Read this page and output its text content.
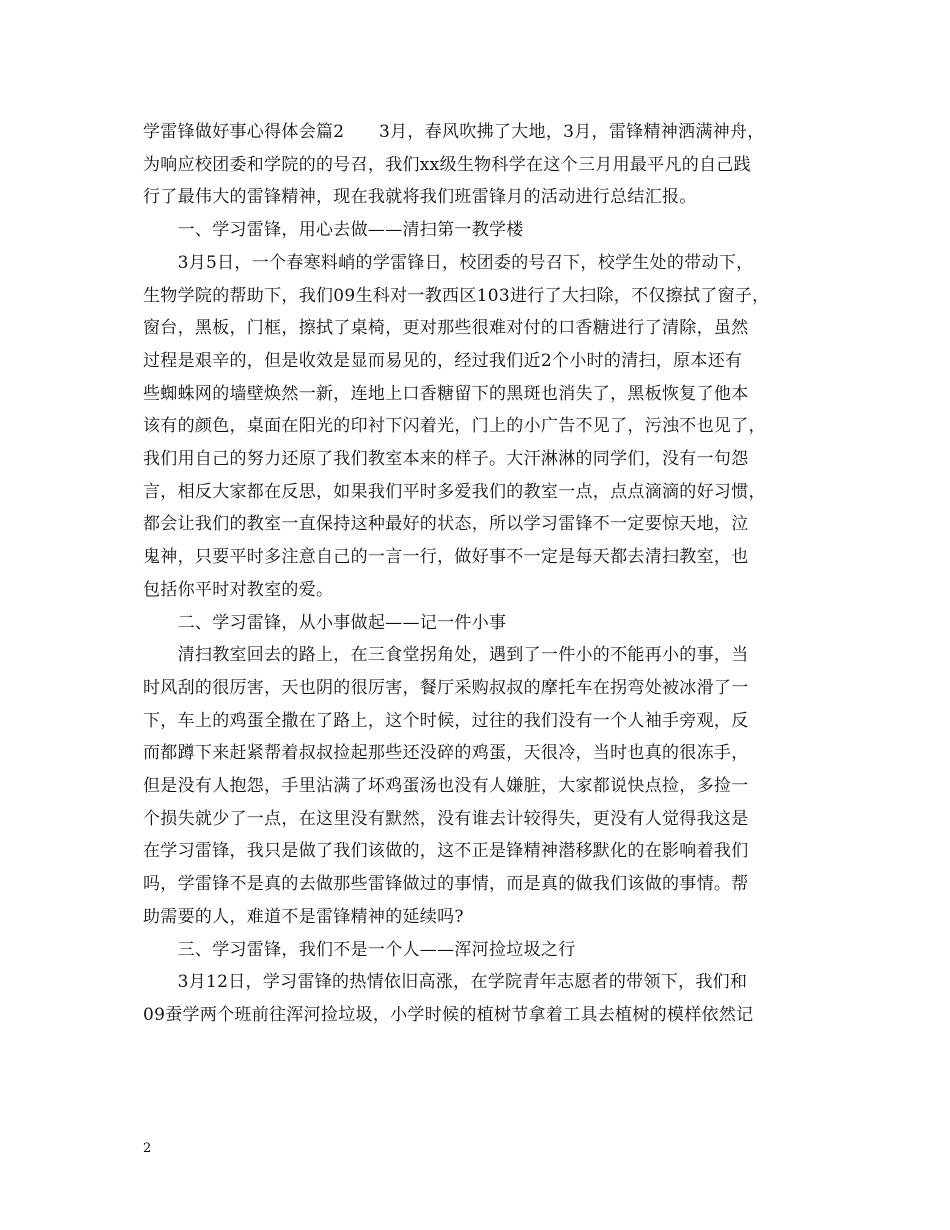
学雷锋做好事心得体会篇2　　3月，春风吹拂了大地，3月，雷锋精神洒满神舟，
为响应校团委和学院的的号召，我们xx级生物科学在这个三月用最平凡的自己践
行了最伟大的雷锋精神，现在我就将我们班雷锋月的活动进行总结汇报。
　　一、学习雷锋，用心去做——清扫第一教学楼
　　3月5日，一个春寒料峭的学雷锋日，校团委的号召下，校学生处的带动下，
生物学院的帮助下，我们09生科对一教西区103进行了大扫除，不仅擦拭了窗子，
窗台，黑板，门框，擦拭了桌椅，更对那些很难对付的口香糖进行了清除，虽然
过程是艰辛的，但是收效是显而易见的，经过我们近2个小时的清扫，原本还有
些蜘蛛网的墙壁焕然一新，连地上口香糖留下的黑斑也消失了，黑板恢复了他本
该有的颜色，桌面在阳光的印衬下闪着光，门上的小广告不见了，污浊不也见了，
我们用自己的努力还原了我们教室本来的样子。大汗淋淋的同学们，没有一句怨
言，相反大家都在反思，如果我们平时多爱我们的教室一点，点点滴滴的好习惯，
都会让我们的教室一直保持这种最好的状态，所以学习雷锋不一定要惊天地，泣
鬼神，只要平时多注意自己的一言一行，做好事不一定是每天都去清扫教室，也
包括你平时对教室的爱。
　　二、学习雷锋，从小事做起——记一件小事
　　清扫教室回去的路上，在三食堂拐角处，遇到了一件小的不能再小的事，当
时风刮的很厉害，天也阴的很厉害，餐厅采购叔叔的摩托车在拐弯处被冰滑了一
下，车上的鸡蛋全撒在了路上，这个时候，过往的我们没有一个人袖手旁观，反
而都蹲下来赶紧帮着叔叔捡起那些还没碎的鸡蛋，天很冷，当时也真的很冻手，
但是没有人抱怨，手里沾满了坏鸡蛋汤也没有人嫌脏，大家都说快点捡，多捡一
个损失就少了一点，在这里没有默然，没有谁去计较得失，更没有人觉得我这是
在学习雷锋，我只是做了我们该做的，这不正是锋精神潜移默化的在影响着我们
吗，学雷锋不是真的去做那些雷锋做过的事情，而是真的做我们该做的事情。帮
助需要的人，难道不是雷锋精神的延续吗?
　　三、学习雷锋，我们不是一个人——浑河捡垃圾之行
　　3月12日，学习雷锋的热情依旧高涨，在学院青年志愿者的带领下，我们和
09蚕学两个班前往浑河捡垃圾，小学时候的植树节拿着工具去植树的模样依然记
2
